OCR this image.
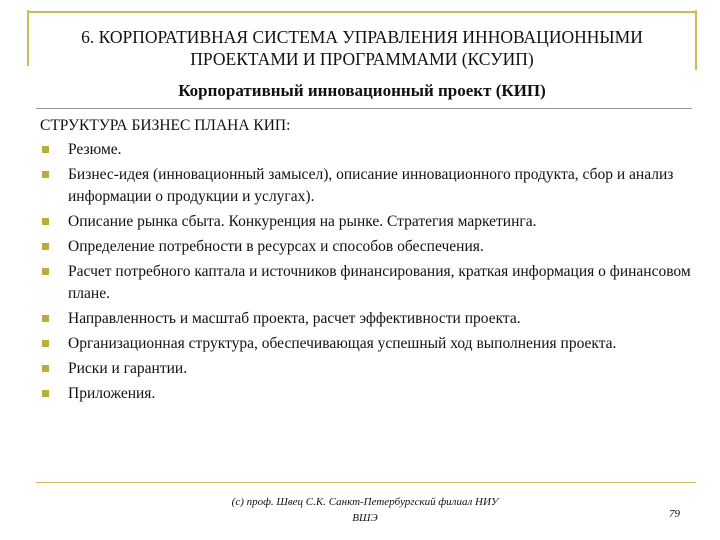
6. КОРПОРАТИВНАЯ СИСТЕМА УПРАВЛЕНИЯ ИННОВАЦИОННЫМИ ПРОЕКТАМИ И ПРОГРАММАМИ (КСУИП)
Корпоративный инновационный проект (КИП)
СТРУКТУРА БИЗНЕС ПЛАНА КИП:
Резюме.
Бизнес-идея (инновационный замысел), описание инновационного продукта, сбор и анализ информации о продукции и услугах).
Описание рынка сбыта. Конкуренция на рынке. Стратегия маркетинга.
Определение потребности в ресурсах и способов обеспечения.
Расчет потребного каптала и источников финансирования, краткая информация о финансовом плане.
Направленность и масштаб проекта, расчет эффективности проекта.
Организационная структура, обеспечивающая успешный ход выполнения проекта.
Риски и гарантии.
Приложения.
(с) проф. Швец С.К. Санкт-Петербургский филиал НИУ ВШЭ	79
